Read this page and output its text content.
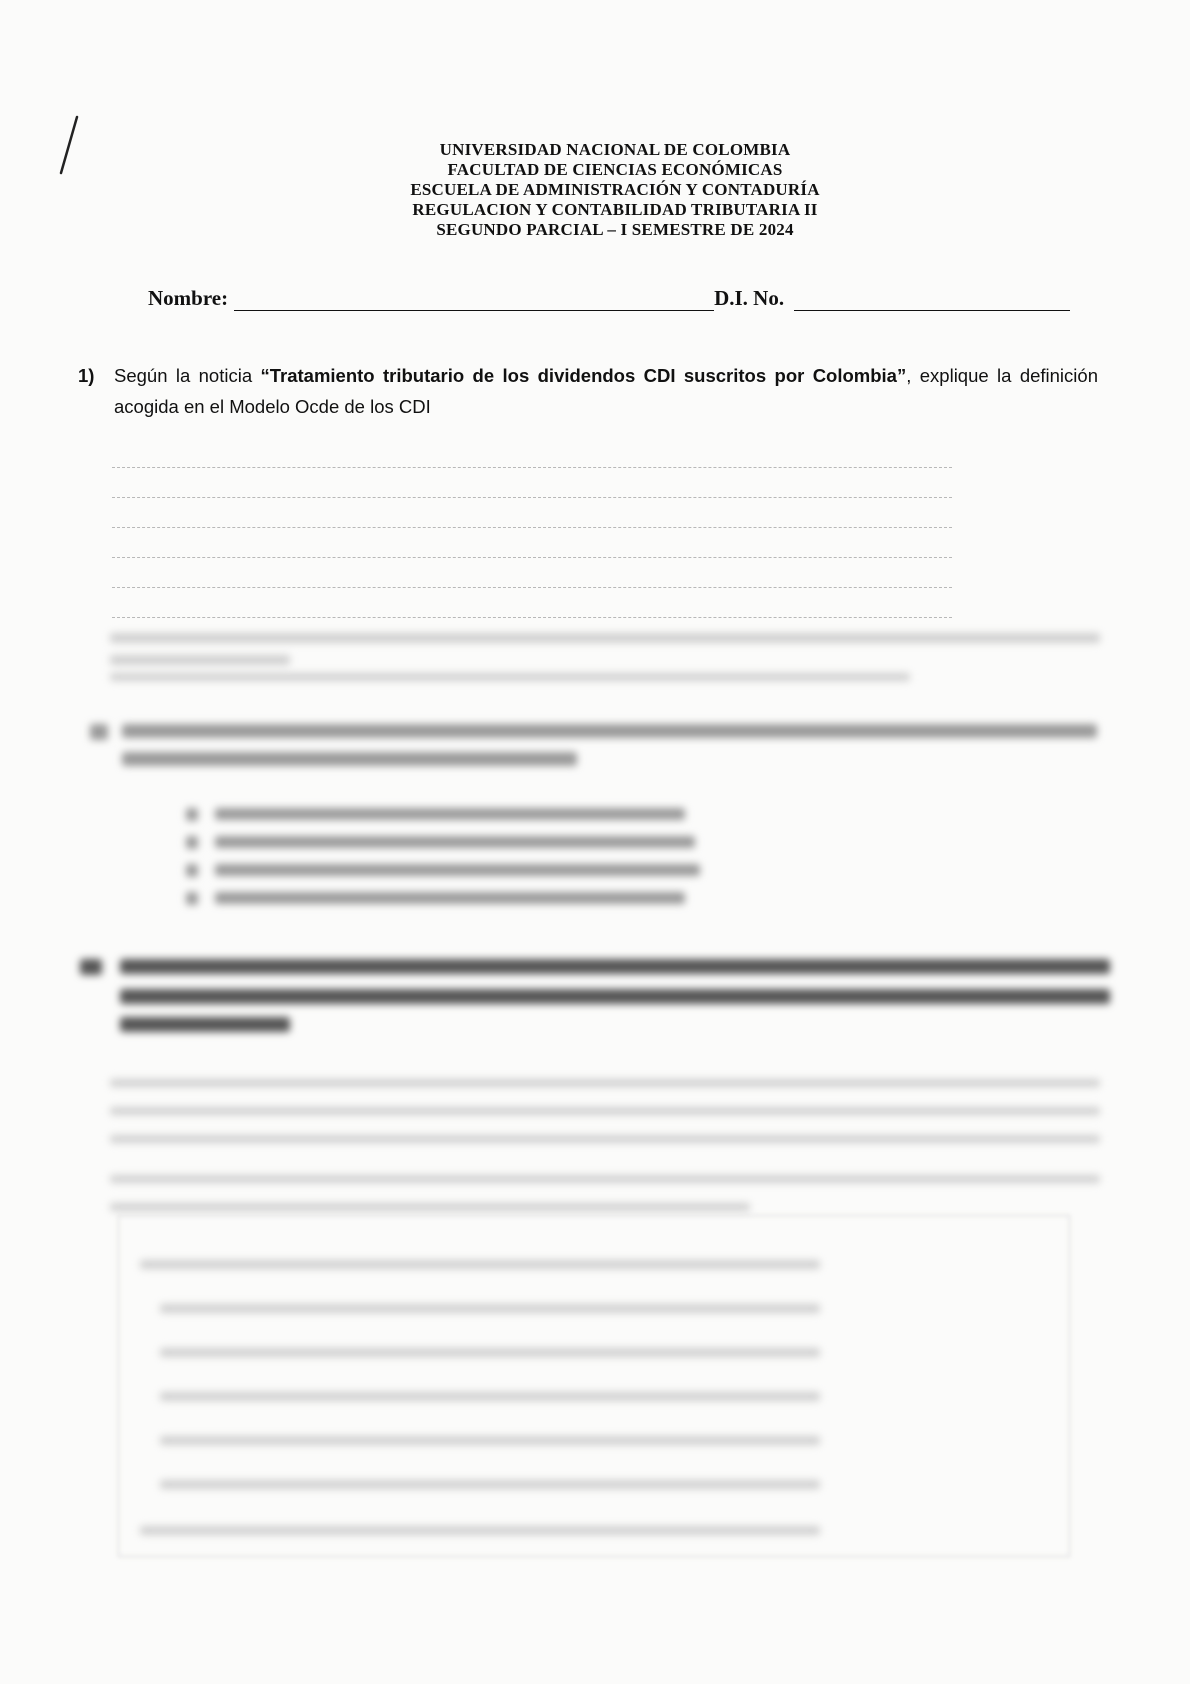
UNIVERSIDAD NACIONAL DE COLOMBIA
FACULTAD DE CIENCIAS ECONÓMICAS
ESCUELA DE ADMINISTRACIÓN Y CONTADURÍA
REGULACION Y CONTABILIDAD TRIBUTARIA II
SEGUNDO PARCIAL – I SEMESTRE DE 2024
Nombre:	D.I. No.
1) Según la noticia “Tratamiento tributario de los dividendos CDI suscritos por Colombia”, explique la definición acogida en el Modelo Ocde de los CDI
